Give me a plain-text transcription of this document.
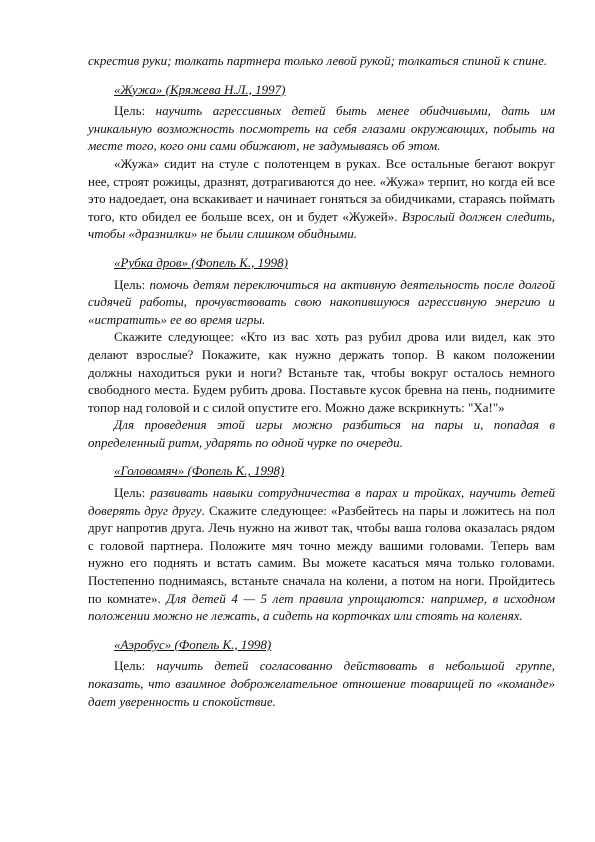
скрестив руки; толкать партнера только левой рукой; толкаться спиной к спине.

«Жужа» (Кряжева Н.Л., 1997)

Цель: научить агрессивных детей быть менее обидчивыми, дать им уникальную возможность посмотреть на себя глазами окружающих, побыть на месте того, кого они сами обижают, не задумываясь об этом.

«Жужа» сидит на стуле с полотенцем в руках. Все остальные бегают вокруг нее, строят рожицы, дразнят, дотрагиваются до нее. «Жужа» терпит, но когда ей все это надоедает, она вскакивает и начинает гоняться за обидчиками, стараясь поймать того, кто обидел ее больше всех, он и будет «Жужей». Взрослый должен следить, чтобы «дразнилки» не были слишком обидными.

«Рубка дров» (Фопель К., 1998)

Цель: помочь детям переключиться на активную деятельность после долгой сидячей работы, прочувствовать свою накопившуюся агрессивную энергию и «истратить» ее во время игры.

Скажите следующее: «Кто из вас хоть раз рубил дрова или видел, как это делают взрослые? Покажите, как нужно держать топор. В каком положении должны находиться руки и ноги? Встаньте так, чтобы вокруг осталось немного свободного места. Будем рубить дрова. Поставьте кусок бревна на пень, поднимите топор над головой и с силой опустите его. Можно даже вскрикнуть: "Ха!"»

Для проведения этой игры можно разбиться на пары и, попадая в определенный ритм, ударять по одной чурке по очереди.

«Головомяч» (Фопель К., 1998)

Цель: развивать навыки сотрудничества в парах и тройках, научить детей доверять друг другу. Скажите следующее: «Разбейтесь на пары и ложитесь на пол друг напротив друга. Лечь нужно на живот так, чтобы ваша голова оказалась рядом с головой партнера. Положите мяч точно между вашими головами. Теперь вам нужно его поднять и встать самим. Вы можете касаться мяча только головами. Постепенно поднимаясь, встаньте сначала на колени, а потом на ноги. Пройдитесь по комнате». Для детей 4 — 5 лет правила упрощаются: например, в исходном положении можно не лежать, а сидеть на корточках или стоять на коленях.

«Аэробус» (Фопель К., 1998)

Цель: научить детей согласованно действовать в небольшой группе, показать, что взаимное доброжелательное отношение товарищей по «команде» дает уверенность и спокойствие.
